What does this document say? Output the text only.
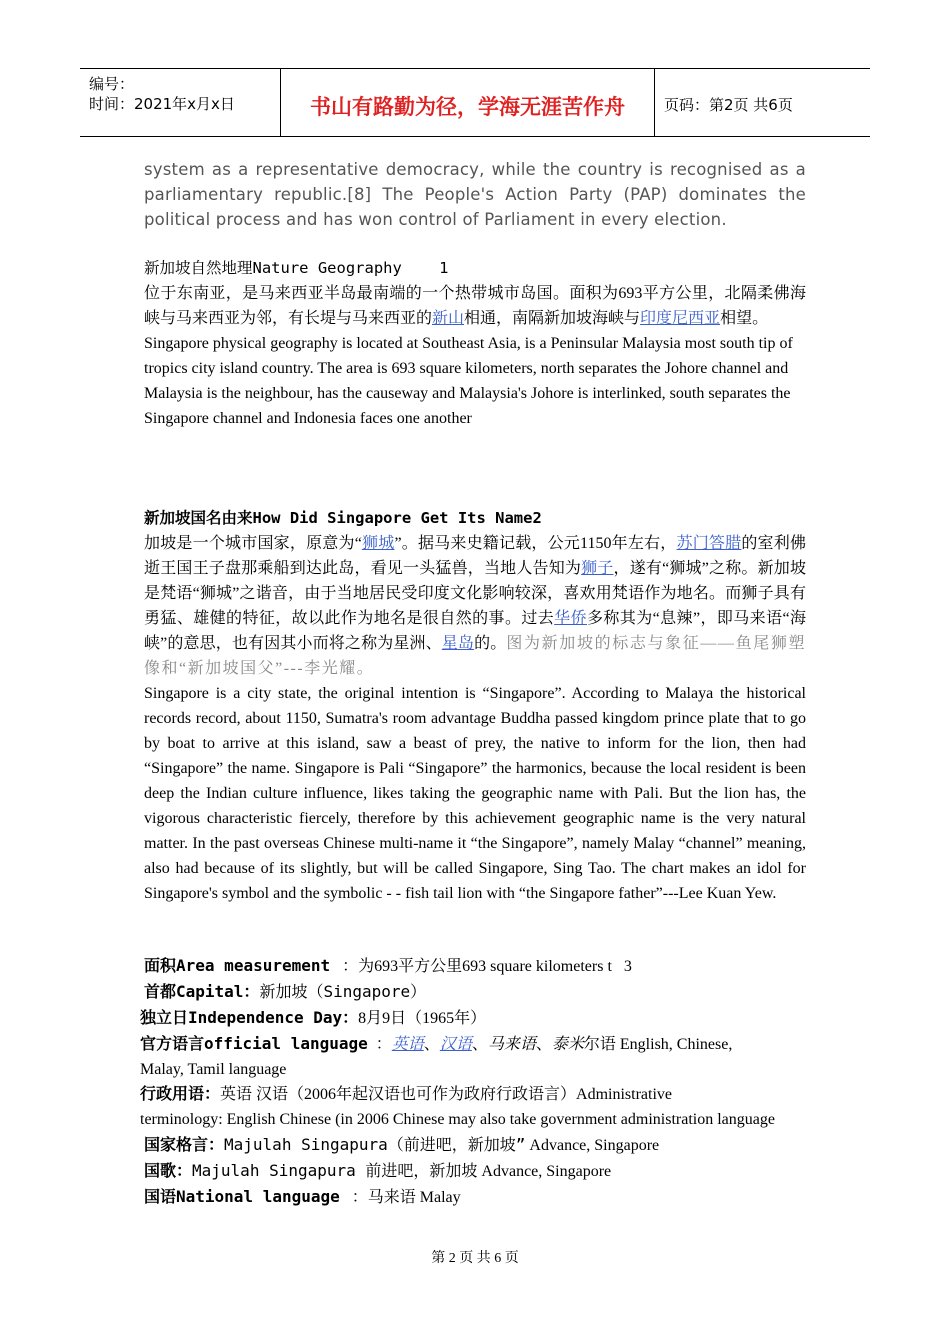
编号：
时间：2021年x月x日	书山有路勤为径，学海无涯苦作舟	页码：第2页 共6页
system as a representative democracy, while the country is recognised as a parliamentary republic.[8] The People's Action Party (PAP) dominates the political process and has won control of Parliament in every election.

新加坡自然地理Nature Geography 1

位于东南亚，是马来西亚半岛最南端的一个热带城市岛国。面积为693平方公里，北隔柔佛海峡与马来西亚为邻，有长堤与马来西亚的新山相通，南隔新加坡海峡与印度尼西亚相望。

Singapore physical geography is located at Southeast Asia, is a Peninsular Malaysia most south tip of tropics city island country. The area is 693 square kilometers, north separates the Johore channel and Malaysia is the neighbour, has the causeway and Malaysia's Johore is interlinked, south separates the Singapore channel and Indonesia faces one another

新加坡国名由来How Did Singapore Get Its Name2

加坡是一个城市国家，原意为“狮城”。据马来史籍记载，公元1150年左右，苏门答腊的室利佛逝王国王子盘那乘船到达此岛，看见一头猛兽，当地人告知为狮子，遂有“狮城”之称。新加坡是梵语“狮城”之谐音，由于当地居民受印度文化影响较深，喜欢用梵语作为地名。而狮子具有勇猛、雄健的特征，故以此作为地名是很自然的事。过去华侨多称其为“息辣”，即马来语“海峡”的意思，也有因其小而将之称为星洲、星岛的。图为新加坡的标志与象征——鱼尾狮塑像和“新加坡国父”---李光耀。

Singapore is a city state, the original intention is “Singapore”. According to Malaya the historical records record, about 1150, Sumatra's room advantage Buddha passed kingdom prince plate that to go by boat to arrive at this island, saw a beast of prey, the native to inform for the lion, then had “Singapore” the name. Singapore is Pali “Singapore” the harmonics, because the local resident is been deep the Indian culture influence, likes taking the geographic name with Pali. But the lion has, the vigorous characteristic fiercely, therefore by this achievement geographic name is the very natural matter. In the past overseas Chinese multi-name it “the Singapore”, namely Malay “channel” meaning, also had because of its slightly, but will be called Singapore, Sing Tao. The chart makes an idol for Singapore's symbol and the symbolic - - fish tail lion with “the Singapore father”---Lee Kuan Yew.

面积Area measurement ：为693平方公里693 square kilometers t 3
首都Capital：新加坡（Singapore）
独立日Independence Day：8月9日（1965年）
官方语言official language ：英语、汉语、马来语、泰米尔语 English, Chinese,
Malay, Tamil language
行政用语：英语 汉语（2006年起汉语也可作为政府行政语言）Administrative
terminology: English Chinese (in 2006 Chinese may also take government administration language
国家格言：Majulah Singapura（前进吧，新加坡” Advance, Singapore
国歌：Majulah Singapura 前进吧，新加坡 Advance, Singapore
国语National language   ：马来语 Malay
第 2 页 共 6 页
